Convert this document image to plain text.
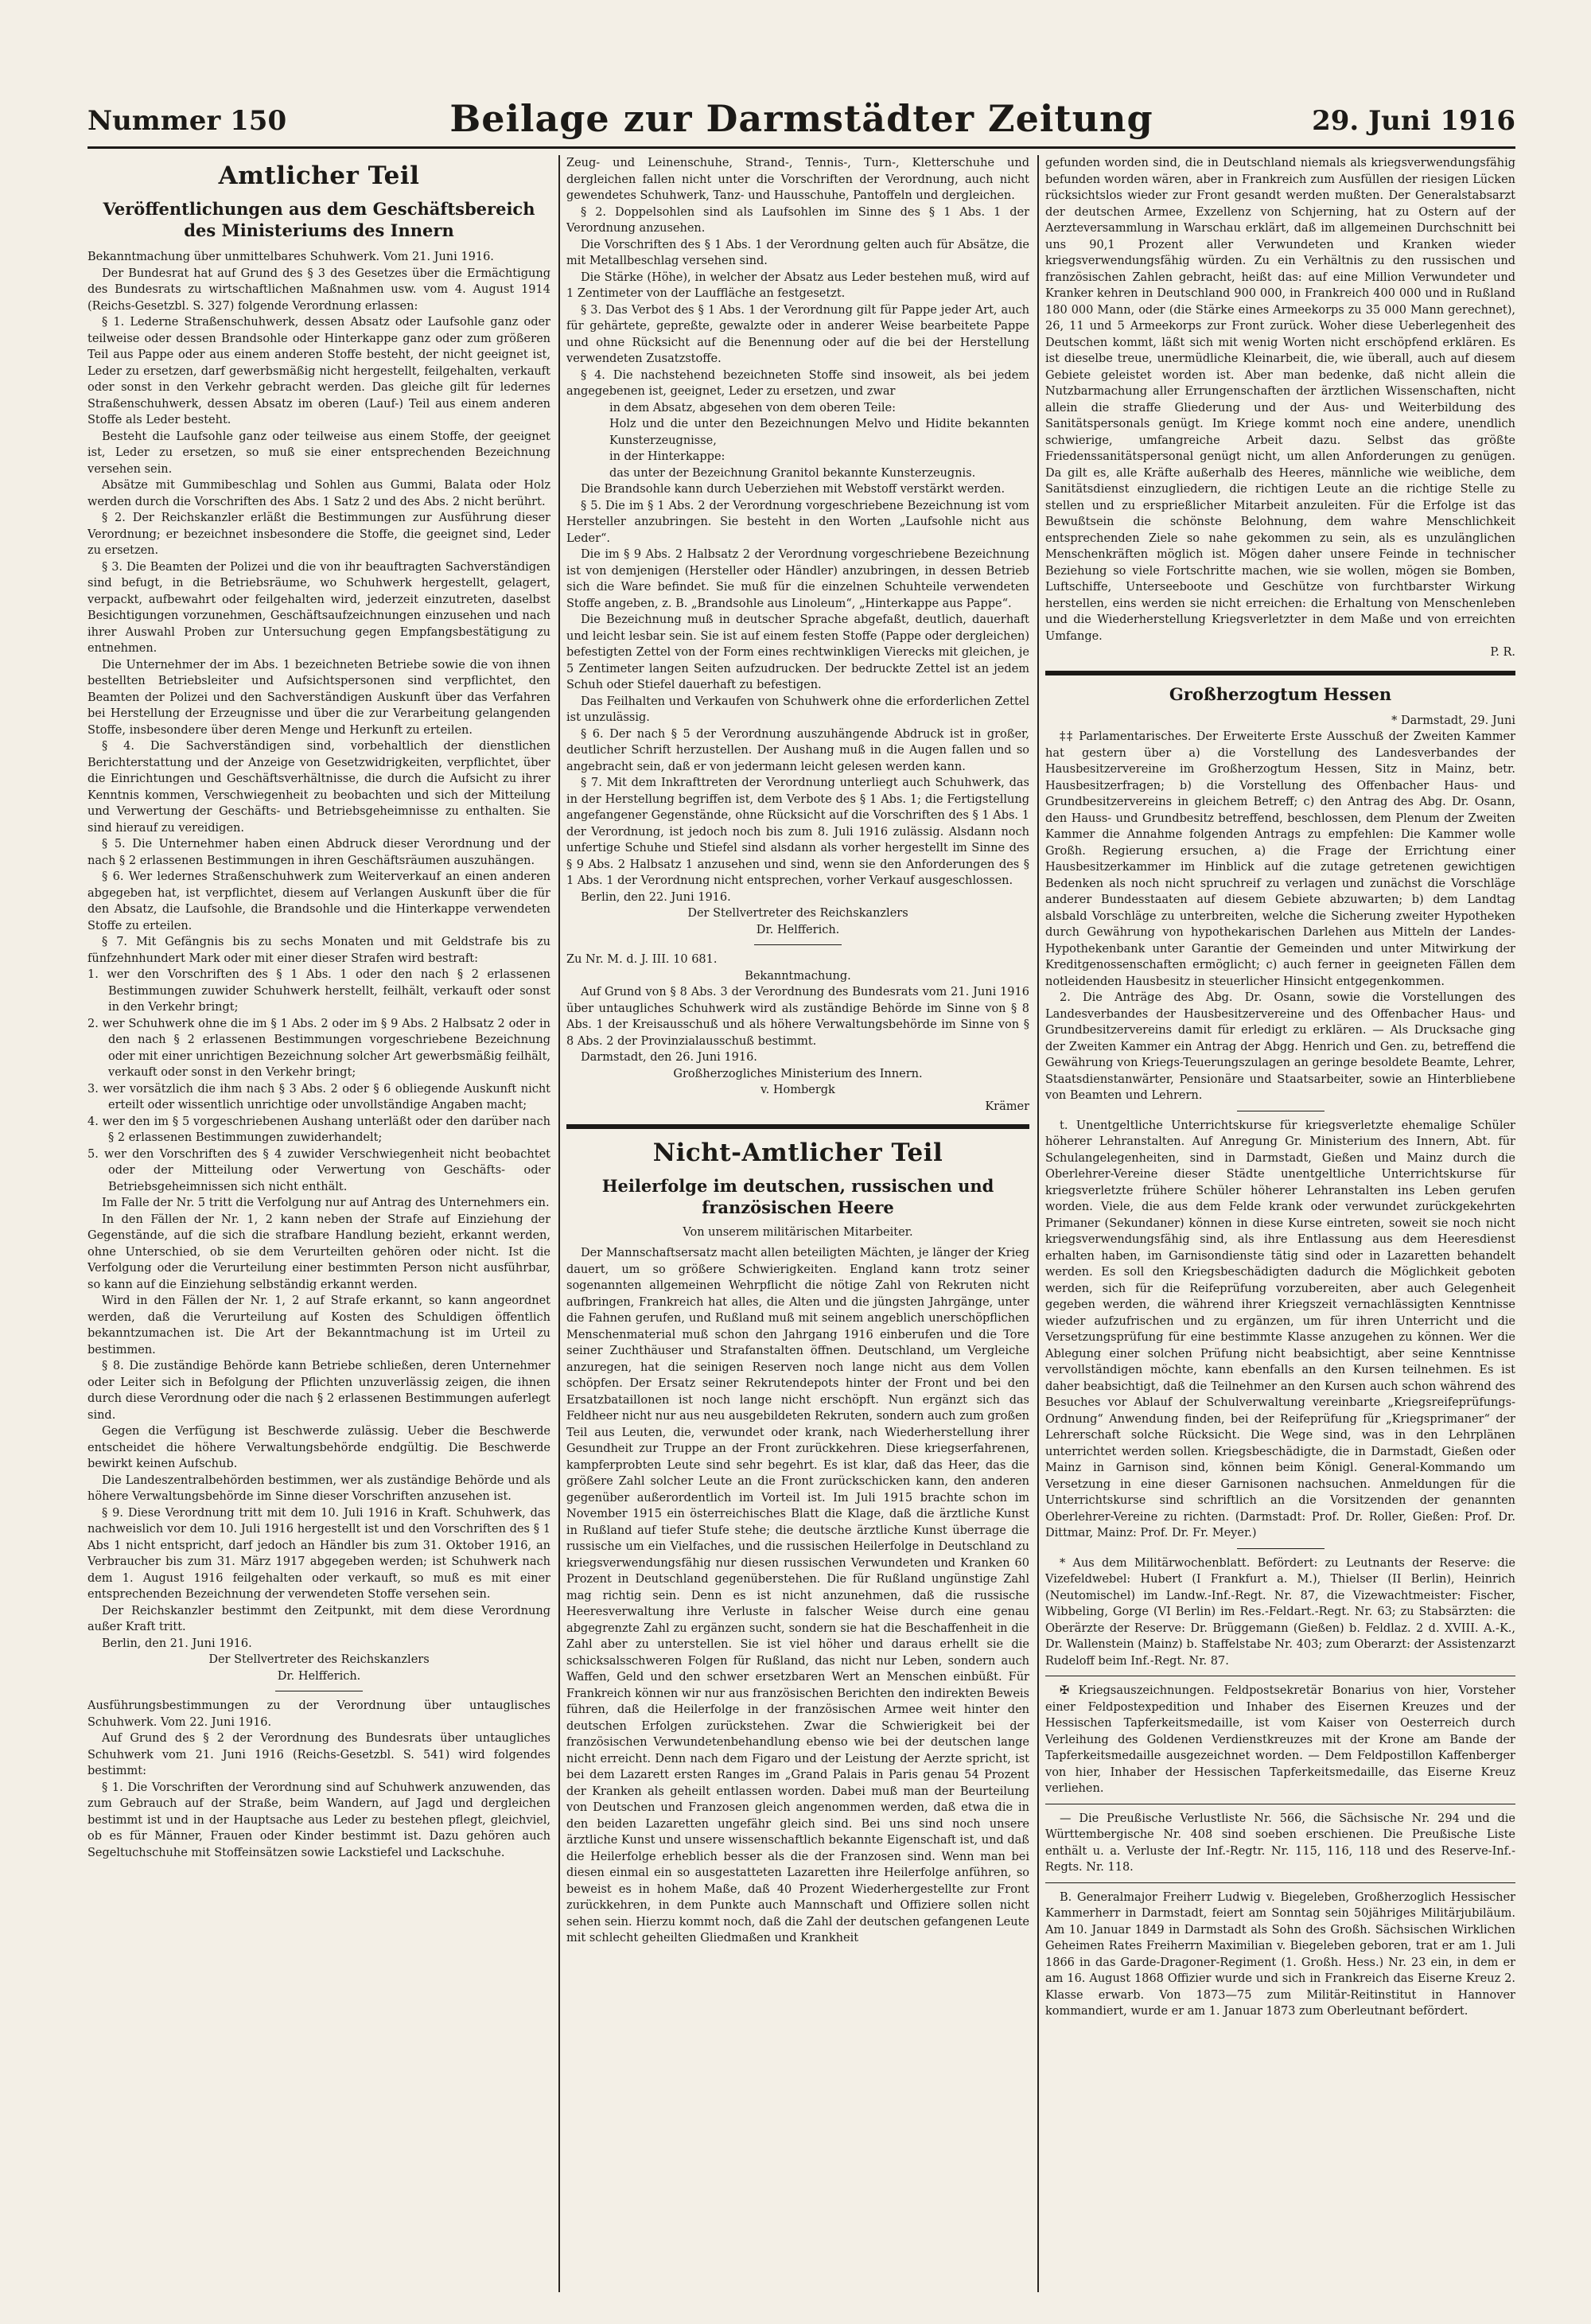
Nummer 150	Beilage zur Darmstädter Zeitung	29. Juni 1916
Amtlicher Teil
Veröffentlichungen aus dem Geschäftsbereich des Ministeriums des Innern

Bekanntmachung über unmittelbares Schuhwerk. Vom 21. Juni 1916.

Der Bundesrat hat auf Grund des § 3 des Gesetzes über die Ermächtigung des Bundesrats zu wirtschaftlichen Maßnahmen usw. vom 4. August 1914 (Reichs-Gesetzbl. S. 327) folgende Verordnung erlassen:

§ 1. Lederne Straßenschuhwerk, dessen Absatz oder Laufsohle ganz oder teilweise oder dessen Brandsohle oder Hinterkappe ganz oder zum größeren Teil aus Pappe oder aus einem anderen Stoffe besteht, der nicht geeignet ist, Leder zu ersetzen, darf gewerbsmäßig nicht hergestellt, feilgehalten, verkauft oder sonst in den Verkehr gebracht werden. Das gleiche gilt für ledernes Straßenschuhwerk, dessen Absatz im oberen (Lauf-) Teil aus einem anderen Stoffe als Leder besteht.

Besteht die Laufsohle ganz oder teilweise aus einem Stoffe, der geeignet ist, Leder zu ersetzen, so muß sie einer entsprechenden Bezeichnung versehen sein.

Absätze mit Gummibeschlag und Sohlen aus Gummi, Balata oder Holz werden durch die Vorschriften des Abs. 1 Satz 2 und des Abs. 2 nicht berührt.

§ 2. Der Reichskanzler erläßt die Bestimmungen zur Ausführung dieser Verordnung; er bezeichnet insbesondere die Stoffe, die geeignet sind, Leder zu ersetzen.

§ 3. Die Beamten der Polizei und die von ihr beauftragten Sachverständigen sind befugt, in die Betriebsräume, wo Schuhwerk hergestellt, gelagert, verpackt, aufbewahrt oder feilgehalten wird, jederzeit einzutreten, daselbst Besichtigungen vorzunehmen, Geschäftsaufzeichnungen einzusehen und nach ihrer Auswahl Proben zur Untersuchung gegen Empfangsbestätigung zu entnehmen.

Die Unternehmer der im Abs. 1 bezeichneten Betriebe sowie die von ihnen bestellten Betriebsleiter und Aufsichtspersonen sind verpflichtet, den Beamten der Polizei und den Sachverständigen Auskunft über das Verfahren bei Herstellung der Erzeugnisse und über die zur Verarbeitung gelangenden Stoffe, insbesondere über deren Menge und Herkunft zu erteilen.

§ 4. Die Sachverständigen sind, vorbehaltlich der dienstlichen Berichterstattung und der Anzeige von Gesetzwidrigkeiten, verpflichtet, über die Einrichtungen und Geschäftsverhältnisse, die durch die Aufsicht zu ihrer Kenntnis kommen, Verschwiegenheit zu beobachten und sich der Mitteilung und Verwertung der Geschäfts- und Betriebsgeheimnisse zu enthalten. Sie sind hierauf zu vereidigen.

§ 5. Die Unternehmer haben einen Abdruck dieser Verordnung und der nach § 2 erlassenen Bestimmungen in ihren Geschäftsräumen auszuhängen.

§ 6. Wer ledernes Straßenschuhwerk zum Weiterverkauf an einen anderen abgegeben hat, ist verpflichtet, diesem auf Verlangen Auskunft über die für den Absatz, die Laufsohle, die Brandsohle und die Hinterkappe verwendeten Stoffe zu erteilen.

§ 7. Mit Gefängnis bis zu sechs Monaten und mit Geldstrafe bis zu fünfzehnhundert Mark oder mit einer dieser Strafen wird bestraft:

1. wer den Vorschriften des § 1 Abs. 1 oder den nach § 2 erlassenen Bestimmungen zuwider Schuhwerk herstellt, feilhält, verkauft oder sonst in den Verkehr bringt;

2. wer Schuhwerk ohne die im § 1 Abs. 2 oder im § 9 Abs. 2 Halbsatz 2 oder in den nach § 2 erlassenen Bestimmungen vorgeschriebene Bezeichnung oder mit einer unrichtigen Bezeichnung solcher Art gewerbsmäßig feilhält, verkauft oder sonst in den Verkehr bringt;

3. wer vorsätzlich die ihm nach § 3 Abs. 2 oder § 6 obliegende Auskunft nicht erteilt oder wissentlich unrichtige oder unvollständige Angaben macht;

4. wer den im § 5 vorgeschriebenen Aushang unterläßt oder den darüber nach § 2 erlassenen Bestimmungen zuwiderhandelt;

5. wer den Vorschriften des § 4 zuwider Verschwiegenheit nicht beobachtet oder der Mitteilung oder Verwertung von Geschäfts- oder Betriebsgeheimnissen sich nicht enthält.

Im Falle der Nr. 5 tritt die Verfolgung nur auf Antrag des Unternehmers ein.

In den Fällen der Nr. 1, 2 kann neben der Strafe auf Einziehung der Gegenstände, auf die sich die strafbare Handlung bezieht, erkannt werden, ohne Unterschied, ob sie dem Verurteilten gehören oder nicht. Ist die Verfolgung oder die Verurteilung einer bestimmten Person nicht ausführbar, so kann auf die Einziehung selbständig erkannt werden.

Wird in den Fällen der Nr. 1, 2 auf Strafe erkannt, so kann angeordnet werden, daß die Verurteilung auf Kosten des Schuldigen öffentlich bekanntzumachen ist. Die Art der Bekanntmachung ist im Urteil zu bestimmen.

§ 8. Die zuständige Behörde kann Betriebe schließen, deren Unternehmer oder Leiter sich in Befolgung der Pflichten unzuverlässig zeigen, die ihnen durch diese Verordnung oder die nach § 2 erlassenen Bestimmungen auferlegt sind.

Gegen die Verfügung ist Beschwerde zulässig. Ueber die Beschwerde entscheidet die höhere Verwaltungsbehörde endgültig. Die Beschwerde bewirkt keinen Aufschub.

Die Landeszentralbehörden bestimmen, wer als zuständige Behörde und als höhere Verwaltungsbehörde im Sinne dieser Vorschriften anzusehen ist.

§ 9. Diese Verordnung tritt mit dem 10. Juli 1916 in Kraft. Schuhwerk, das nachweislich vor dem 10. Juli 1916 hergestellt ist und den Vorschriften des § 1 Abs 1 nicht entspricht, darf jedoch an Händler bis zum 31. Oktober 1916, an Verbraucher bis zum 31. März 1917 abgegeben werden; ist Schuhwerk nach dem 1. August 1916 feilgehalten oder verkauft, so muß es mit einer entsprechenden Bezeichnung der verwendeten Stoffe versehen sein.

Der Reichskanzler bestimmt den Zeitpunkt, mit dem diese Verordnung außer Kraft tritt.

Berlin, den 21. Juni 1916.

Der Stellvertreter des Reichskanzlers

Dr. Helfferich.

Ausführungsbestimmungen zu der Verordnung über untauglisches Schuhwerk. Vom 22. Juni 1916.

Auf Grund des § 2 der Verordnung des Bundesrats über untaugliches Schuhwerk vom 21. Juni 1916 (Reichs-Gesetzbl. S. 541) wird folgendes bestimmt:

§ 1. Die Vorschriften der Verordnung sind auf Schuhwerk anzuwenden, das zum Gebrauch auf der Straße, beim Wandern, auf Jagd und dergleichen bestimmt ist und in der Hauptsache aus Leder zu bestehen pflegt, gleichviel, ob es für Männer, Frauen oder Kinder bestimmt ist. Dazu gehören auch Segeltuchschuhe mit Stoffeinsätzen sowie Lackstiefel und Lackschuhe.

Zeug- und Leinenschuhe, Strand-, Tennis-, Turn-, Kletterschuhe und dergleichen fallen nicht unter die Vorschriften der Verordnung, auch nicht gewendetes Schuhwerk, Tanz- und Hausschuhe, Pantoffeln und dergleichen.

§ 2. Doppelsohlen sind als Laufsohlen im Sinne des § 1 Abs. 1 der Verordnung anzusehen.

Die Vorschriften des § 1 Abs. 1 der Verordnung gelten auch für Absätze, die mit Metallbeschlag versehen sind.

Die Stärke (Höhe), in welcher der Absatz aus Leder bestehen muß, wird auf 1 Zentimeter von der Lauffläche an festgesetzt.

§ 3. Das Verbot des § 1 Abs. 1 der Verordnung gilt für Pappe jeder Art, auch für gehärtete, gepreßte, gewalzte oder in anderer Weise bearbeitete Pappe und ohne Rücksicht auf die Benennung oder auf die bei der Herstellung verwendeten Zusatzstoffe.

§ 4. Die nachstehend bezeichneten Stoffe sind insoweit, als bei jedem angegebenen ist, geeignet, Leder zu ersetzen, und zwar

in dem Absatz, abgesehen von dem oberen Teile:

Holz und die unter den Bezeichnungen Melvo und Hidite bekannten Kunsterzeugnisse,

in der Hinterkappe:

das unter der Bezeichnung Granitol bekannte Kunsterzeugnis.

Die Brandsohle kann durch Ueberziehen mit Webstoff verstärkt werden.

§ 5. Die im § 1 Abs. 2 der Verordnung vorgeschriebene Bezeichnung ist vom Hersteller anzubringen. Sie besteht in den Worten „Laufsohle nicht aus Leder“.

Die im § 9 Abs. 2 Halbsatz 2 der Verordnung vorgeschriebene Bezeichnung ist von demjenigen (Hersteller oder Händler) anzubringen, in dessen Betrieb sich die Ware befindet. Sie muß für die einzelnen Schuhteile verwendeten Stoffe angeben, z. B. „Brandsohle aus Linoleum“, „Hinterkappe aus Pappe“.

Die Bezeichnung muß in deutscher Sprache abgefaßt, deutlich, dauerhaft und leicht lesbar sein. Sie ist auf einem festen Stoffe (Pappe oder dergleichen) befestigten Zettel von der Form eines rechtwinkligen Vierecks mit gleichen, je 5 Zentimeter langen Seiten aufzudrucken. Der bedruckte Zettel ist an jedem Schuh oder Stiefel dauerhaft zu befestigen.

Das Feilhalten und Verkaufen von Schuhwerk ohne die erforderlichen Zettel ist unzulässig.

§ 6. Der nach § 5 der Verordnung auszuhängende Abdruck ist in großer, deutlicher Schrift herzustellen. Der Aushang muß in die Augen fallen und so angebracht sein, daß er von jedermann leicht gelesen werden kann.

§ 7. Mit dem Inkrafttreten der Verordnung unterliegt auch Schuhwerk, das in der Herstellung begriffen ist, dem Verbote des § 1 Abs. 1; die Fertigstellung angefangener Gegenstände, ohne Rücksicht auf die Vorschriften des § 1 Abs. 1 der Verordnung, ist jedoch noch bis zum 8. Juli 1916 zulässig. Alsdann noch unfertige Schuhe und Stiefel sind alsdann als vorher hergestellt im Sinne des § 9 Abs. 2 Halbsatz 1 anzusehen und sind, wenn sie den Anforderungen des § 1 Abs. 1 der Verordnung nicht entsprechen, vorher Verkauf ausgeschlossen.

Berlin, den 22. Juni 1916.

Der Stellvertreter des Reichskanzlers

Dr. Helfferich.

Zu Nr. M. d. J. III. 10 681.

Bekanntmachung.

Auf Grund von § 8 Abs. 3 der Verordnung des Bundesrats vom 21. Juni 1916 über untaugliches Schuhwerk wird als zuständige Behörde im Sinne von § 8 Abs. 1 der Kreisausschuß und als höhere Verwaltungsbehörde im Sinne von § 8 Abs. 2 der Provinzialausschuß bestimmt.

Darmstadt, den 26. Juni 1916.

Großherzogliches Ministerium des Innern.

v. Hombergk

Krämer

Nicht-Amtlicher Teil
Heilerfolge im deutschen, russischen und französischen Heere
Von unserem militärischen Mitarbeiter.

Der Mannschaftsersatz macht allen beteiligten Mächten, je länger der Krieg dauert, um so größere Schwierigkeiten. England kann trotz seiner sogenannten allgemeinen Wehrpflicht die nötige Zahl von Rekruten nicht aufbringen, Frankreich hat alles, die Alten und die jüngsten Jahrgänge, unter die Fahnen gerufen, und Rußland muß mit seinem angeblich unerschöpflichen Menschenmaterial muß schon den Jahrgang 1916 einberufen und die Tore seiner Zuchthäuser und Strafanstalten öffnen. Deutschland, um Vergleiche anzuregen, hat die seinigen Reserven noch lange nicht aus dem Vollen schöpfen. Der Ersatz seiner Rekrutendepots hinter der Front und bei den Ersatzbataillonen ist noch lange nicht erschöpft. Nun ergänzt sich das Feldheer nicht nur aus neu ausgebildeten Rekruten, sondern auch zum großen Teil aus Leuten, die, verwundet oder krank, nach Wiederherstellung ihrer Gesundheit zur Truppe an der Front zurückkehren. Diese kriegserfahrenen, kampferprobten Leute sind sehr begehrt. Es ist klar, daß das Heer, das die größere Zahl solcher Leute an die Front zurückschicken kann, den anderen gegenüber außerordentlich im Vorteil ist. Im Juli 1915 brachte schon im November 1915 ein österreichisches Blatt die Klage, daß die ärztliche Kunst in Rußland auf tiefer Stufe stehe; die deutsche ärztliche Kunst überrage die russische um ein Vielfaches, und die russischen Heilerfolge in Deutschland zu kriegsverwendungsfähig nur diesen russischen Verwundeten und Kranken 60 Prozent in Deutschland gegenüberstehen. Die für Rußland ungünstige Zahl mag richtig sein. Denn es ist nicht anzunehmen, daß die russische Heeresverwaltung ihre Verluste in falscher Weise durch eine genau abgegrenzte Zahl zu ergänzen sucht, sondern sie hat die Beschaffenheit in die Zahl aber zu unterstellen. Sie ist viel höher und daraus erhellt sie die schicksalsschweren Folgen für Rußland, das nicht nur Leben, sondern auch Waffen, Geld und den schwer ersetzbaren Wert an Menschen einbüßt. Für Frankreich können wir nur aus französischen Berichten den indirekten Beweis führen, daß die Heilerfolge in der französischen Armee weit hinter den deutschen Erfolgen zurückstehen. Zwar die Schwierigkeit bei der französischen Verwundetenbehandlung ebenso wie bei der deutschen lange nicht erreicht. Denn nach dem Figaro und der Leistung der Aerzte spricht, ist bei dem Lazarett ersten Ranges im „Grand Palais in Paris genau 54 Prozent der Kranken als geheilt entlassen worden. Dabei muß man der Beurteilung von Deutschen und Franzosen gleich angenommen werden, daß etwa die in den beiden Lazaretten ungefähr gleich sind. Bei uns sind noch unsere ärztliche Kunst und unsere wissenschaftlich bekannte Eigenschaft ist, und daß die Heilerfolge erheblich besser als die der Franzosen sind. Wenn man bei diesen einmal ein so ausgestatteten Lazaretten ihre Heilerfolge anführen, so beweist es in hohem Maße, daß 40 Prozent Wiederhergestellte zur Front zurückkehren, in dem Punkte auch Mannschaft und Offiziere sollen nicht sehen sein. Hierzu kommt noch, daß die Zahl der deutschen gefangenen Leute mit schlecht geheilten Gliedmaßen und Krankheit

gefunden worden sind, die in Deutschland niemals als kriegsverwendungsfähig befunden worden wären, aber in Frankreich zum Ausfüllen der riesigen Lücken rücksichtslos wieder zur Front gesandt werden mußten. Der Generalstabsarzt der deutschen Armee, Exzellenz von Schjerning, hat zu Ostern auf der Aerzteversammlung in Warschau erklärt, daß im allgemeinen Durchschnitt bei uns 90,1 Prozent aller Verwundeten und Kranken wieder kriegsverwendungsfähig würden. Zu ein Verhältnis zu den russischen und französischen Zahlen gebracht, heißt das: auf eine Million Verwundeter und Kranker kehren in Deutschland 900 000, in Frankreich 400 000 und in Rußland 180 000 Mann, oder (die Stärke eines Armeekorps zu 35 000 Mann gerechnet), 26, 11 und 5 Armeekorps zur Front zurück. Woher diese Ueberlegenheit des Deutschen kommt, läßt sich mit wenig Worten nicht erschöpfend erklären. Es ist dieselbe treue, unermüdliche Kleinarbeit, die, wie überall, auch auf diesem Gebiete geleistet worden ist. Aber man bedenke, daß nicht allein die Nutzbarmachung aller Errungenschaften der ärztlichen Wissenschaften, nicht allein die straffe Gliederung und der Aus- und Weiterbildung des Sanitätspersonals genügt. Im Kriege kommt noch eine andere, unendlich schwierige, umfangreiche Arbeit dazu. Selbst das größte Friedenssanitätspersonal genügt nicht, um allen Anforderungen zu genügen. Da gilt es, alle Kräfte außerhalb des Heeres, männliche wie weibliche, dem Sanitätsdienst einzugliedern, die richtigen Leute an die richtige Stelle zu stellen und zu ersprießlicher Mitarbeit anzuleiten. Für die Erfolge ist das Bewußtsein die schönste Belohnung, dem wahre Menschlichkeit entsprechenden Ziele so nahe gekommen zu sein, als es unzulänglichen Menschenkräften möglich ist. Mögen daher unsere Feinde in technischer Beziehung so viele Fortschritte machen, wie sie wollen, mögen sie Bomben, Luftschiffe, Unterseeboote und Geschütze von furchtbarster Wirkung herstellen, eins werden sie nicht erreichen: die Erhaltung von Menschenleben und die Wiederherstellung Kriegsverletzter in dem Maße und von erreichten Umfange.

P. R.

Großherzogtum Hessen

* Darmstadt, 29. Juni

‡‡ Parlamentarisches. Der Erweiterte Erste Ausschuß der Zweiten Kammer hat gestern über a) die Vorstellung des Landesverbandes der Hausbesitzervereine im Großherzogtum Hessen, Sitz in Mainz, betr. Hausbesitzerfragen; b) die Vorstellung des Offenbacher Haus- und Grundbesitzervereins in gleichem Betreff; c) den Antrag des Abg. Dr. Osann, den Hauss- und Grundbesitz betreffend, beschlossen, dem Plenum der Zweiten Kammer die Annahme folgenden Antrags zu empfehlen: Die Kammer wolle Großh. Regierung ersuchen, a) die Frage der Errichtung einer Hausbesitzerkammer im Hinblick auf die zutage getretenen gewichtigen Bedenken als noch nicht spruchreif zu verlagen und zunächst die Vorschläge anderer Bundesstaaten auf diesem Gebiete abzuwarten; b) dem Landtag alsbald Vorschläge zu unterbreiten, welche die Sicherung zweiter Hypotheken durch Gewährung von hypothekarischen Darlehen aus Mitteln der Landes-Hypothekenbank unter Garantie der Gemeinden und unter Mitwirkung der Kreditgenossenschaften ermöglicht; c) auch ferner in geeigneten Fällen dem notleidenden Hausbesitz in steuerlicher Hinsicht entgegenkommen.

2. Die Anträge des Abg. Dr. Osann, sowie die Vorstellungen des Landesverbandes der Hausbesitzervereine und des Offenbacher Haus- und Grundbesitzervereins damit für erledigt zu erklären. — Als Drucksache ging der Zweiten Kammer ein Antrag der Abgg. Henrich und Gen. zu, betreffend die Gewährung von Kriegs-Teuerungszulagen an geringe besoldete Beamte, Lehrer, Staatsdienstanwärter, Pensionäre und Staatsarbeiter, sowie an Hinterbliebene von Beamten und Lehrern.

t. Unentgeltliche Unterrichtskurse für kriegsverletzte ehemalige Schüler höherer Lehranstalten. Auf Anregung Gr. Ministerium des Innern, Abt. für Schulangelegenheiten, sind in Darmstadt, Gießen und Mainz durch die Oberlehrer-Vereine dieser Städte unentgeltliche Unterrichtskurse für kriegsverletzte frühere Schüler höherer Lehranstalten ins Leben gerufen worden. Viele, die aus dem Felde krank oder verwundet zurückgekehrten Primaner (Sekundaner) können in diese Kurse eintreten, soweit sie noch nicht kriegsverwendungsfähig sind, als ihre Entlassung aus dem Heeresdienst erhalten haben, im Garnisondienste tätig sind oder in Lazaretten behandelt werden. Es soll den Kriegsbeschädigten dadurch die Möglichkeit geboten werden, sich für die Reifeprüfung vorzubereiten, aber auch Gelegenheit gegeben werden, die während ihrer Kriegszeit vernachlässigten Kenntnisse wieder aufzufrischen und zu ergänzen, um für ihren Unterricht und die Versetzungsprüfung für eine bestimmte Klasse anzugehen zu können. Wer die Ablegung einer solchen Prüfung nicht beabsichtigt, aber seine Kenntnisse vervollständigen möchte, kann ebenfalls an den Kursen teilnehmen. Es ist daher beabsichtigt, daß die Teilnehmer an den Kursen auch schon während des Besuches vor Ablauf der Schulverwaltung vereinbarte „Kriegsreifeprüfungs-Ordnung“ Anwendung finden, bei der Reifeprüfung für „Kriegsprimaner“ der Lehrerschaft solche Rücksicht. Die Wege sind, was in den Lehrplänen unterrichtet werden sollen. Kriegsbeschädigte, die in Darmstadt, Gießen oder Mainz in Garnison sind, können beim Königl. General-Kommando um Versetzung in eine dieser Garnisonen nachsuchen. Anmeldungen für die Unterrichtskurse sind schriftlich an die Vorsitzenden der genannten Oberlehrer-Vereine zu richten. (Darmstadt: Prof. Dr. Roller, Gießen: Prof. Dr. Dittmar, Mainz: Prof. Dr. Fr. Meyer.)

* Aus dem Militärwochenblatt. Befördert: zu Leutnants der Reserve: die Vizefeldwebel: Hubert (I Frankfurt a. M.), Thielser (II Berlin), Heinrich (Neutomischel) im Landw.-Inf.-Regt. Nr. 87, die Vizewachtmeister: Fischer, Wibbeling, Gorge (VI Berlin) im Res.-Feldart.-Regt. Nr. 63; zu Stabsärzten: die Oberärzte der Reserve: Dr. Brüggemann (Gießen) b. Feldlaz. 2 d. XVIII. A.-K., Dr. Wallenstein (Mainz) b. Staffelstabe Nr. 403; zum Oberarzt: der Assistenzarzt Rudeloff beim Inf.-Regt. Nr. 87.

✠ Kriegsauszeichnungen. Feldpostsekretär Bonarius von hier, Vorsteher einer Feldpostexpedition und Inhaber des Eisernen Kreuzes und der Hessischen Tapferkeitsmedaille, ist vom Kaiser von Oesterreich durch Verleihung des Goldenen Verdienstkreuzes mit der Krone am Bande der Tapferkeitsmedaille ausgezeichnet worden. — Dem Feldpostillon Kaffenberger von hier, Inhaber der Hessischen Tapferkeitsmedaille, das Eiserne Kreuz verliehen.

— Die Preußische Verlustliste Nr. 566, die Sächsische Nr. 294 und die Württembergische Nr. 408 sind soeben erschienen. Die Preußische Liste enthält u. a. Verluste der Inf.-Regtr. Nr. 115, 116, 118 und des Reserve-Inf.-Regts. Nr. 118.

B. Generalmajor Freiherr Ludwig v. Biegeleben, Großherzoglich Hessischer Kammerherr in Darmstadt, feiert am Sonntag sein 50jähriges Militärjubiläum. Am 10. Januar 1849 in Darmstadt als Sohn des Großh. Sächsischen Wirklichen Geheimen Rates Freiherrn Maximilian v. Biegeleben geboren, trat er am 1. Juli 1866 in das Garde-Dragoner-Regiment (1. Großh. Hess.) Nr. 23 ein, in dem er am 16. August 1868 Offizier wurde und sich in Frankreich das Eiserne Kreuz 2. Klasse erwarb. Von 1873—75 zum Militär-Reitinstitut in Hannover kommandiert, wurde er am 1. Januar 1873 zum Oberleutnant befördert.
